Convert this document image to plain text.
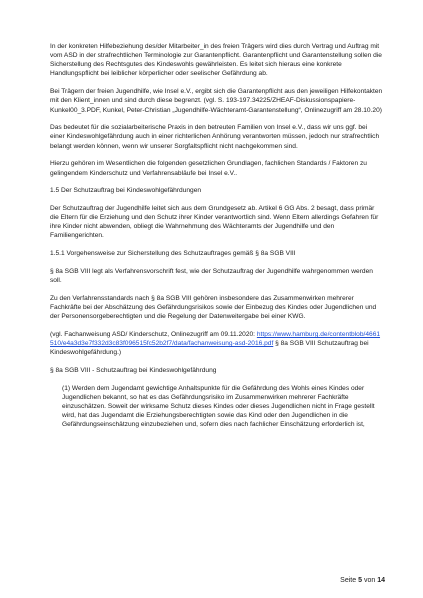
In der konkreten Hilfebeziehung des/der Mitarbeiter_in des freien Trägers wird dies durch Vertrag und Auftrag mit vom ASD in der strafrechtlichen Terminologie zur Garantenpflicht. Garantenpflicht und Garantenstellung sollen die Sicherstellung des Rechtsgutes des Kindeswohls gewährleisten. Es leitet sich hieraus eine konkrete Handlungspflicht bei leiblicher körperlicher oder seelischer Gefährdung ab.

Bei Trägern der freien Jugendhilfe, wie Insel e.V., ergibt sich die Garantenpflicht aus den jeweiligen Hilfekontakten mit den Klient_innen und sind durch diese begrenzt. (vgl. S. 193-197.34225/ZHEAF-Diskussionspapiere-Kunkel00_3.PDF, Kunkel, Peter-Christian „Jugendhilfe-Wächteramt-Garantenstellung“, Onlinezugriff am 28.10.20)

Das bedeutet für die sozialarbeiterische Praxis in den betreuten Familien von Insel e.V., dass wir uns ggf. bei einer Kindeswohlgefährdung auch in einer richterlichen Anhörung verantworten müssen, jedoch nur strafrechtlich belangt werden können, wenn wir unserer Sorgfaltspflicht nicht nachgekommen sind.

Hierzu gehören im Wesentlichen die folgenden gesetzlichen Grundlagen, fachlichen Standards / Faktoren zu gelingendem Kinderschutz und Verfahrensabläufe bei Insel e.V..

1.5 Der Schutzauftrag bei Kindeswohlgefährdungen

Der Schutzauftrag der Jugendhilfe leitet sich aus dem Grundgesetz ab. Artikel 6 GG Abs. 2 besagt, dass primär die Eltern für die Erziehung und den Schutz ihrer Kinder verantwortlich sind. Wenn Eltern allerdings Gefahren für ihre Kinder nicht abwenden, obliegt die Wahrnehmung des Wächteramts der Jugendhilfe und den Familiengerichten.

1.5.1 Vorgehensweise zur Sicherstellung des Schutzauftrages gemäß § 8a SGB VIII

§ 8a SGB VIII legt als Verfahrensvorschrift fest, wie der Schutzauftrag der Jugendhilfe wahrgenommen werden soll.

Zu den Verfahrensstandards nach § 8a SGB VIII gehören insbesondere das Zusammenwirken mehrerer Fachkräfte bei der Abschätzung des Gefährdungsrisikos sowie der Einbezug des Kindes oder Jugendlichen und der Personensorgeberechtigten und die Regelung der Datenweitergabe bei einer KWG.

(vgl. Fachanweisung ASD/ Kinderschutz, Onlinezugriff am 09.11.2020: https://www.hamburg.de/contentblob/4661510/e4a3d3e7f332d3c83f096515fc52b2f7/data/fachanweisung-asd-2016.pdf § 8a SGB VIII Schutzauftrag bei Kindeswohlgefährdung.)

§ 8a SGB VIII - Schutzauftrag bei Kindeswohlgefährdung

(1) Werden dem Jugendamt gewichtige Anhaltspunkte für die Gefährdung des Wohls eines Kindes oder Jugendlichen bekannt, so hat es das Gefährdungsrisiko im Zusammenwirken mehrerer Fachkräfte einzuschätzen. Soweit der wirksame Schutz dieses Kindes oder dieses Jugendlichen nicht in Frage gestellt wird, hat das Jugendamt die Erziehungsberechtigten sowie das Kind oder den Jugendlichen in die Gefährdungseinschätzung einzubeziehen und, sofern dies nach fachlicher Einschätzung erforderlich ist,

Seite 5 von 14
